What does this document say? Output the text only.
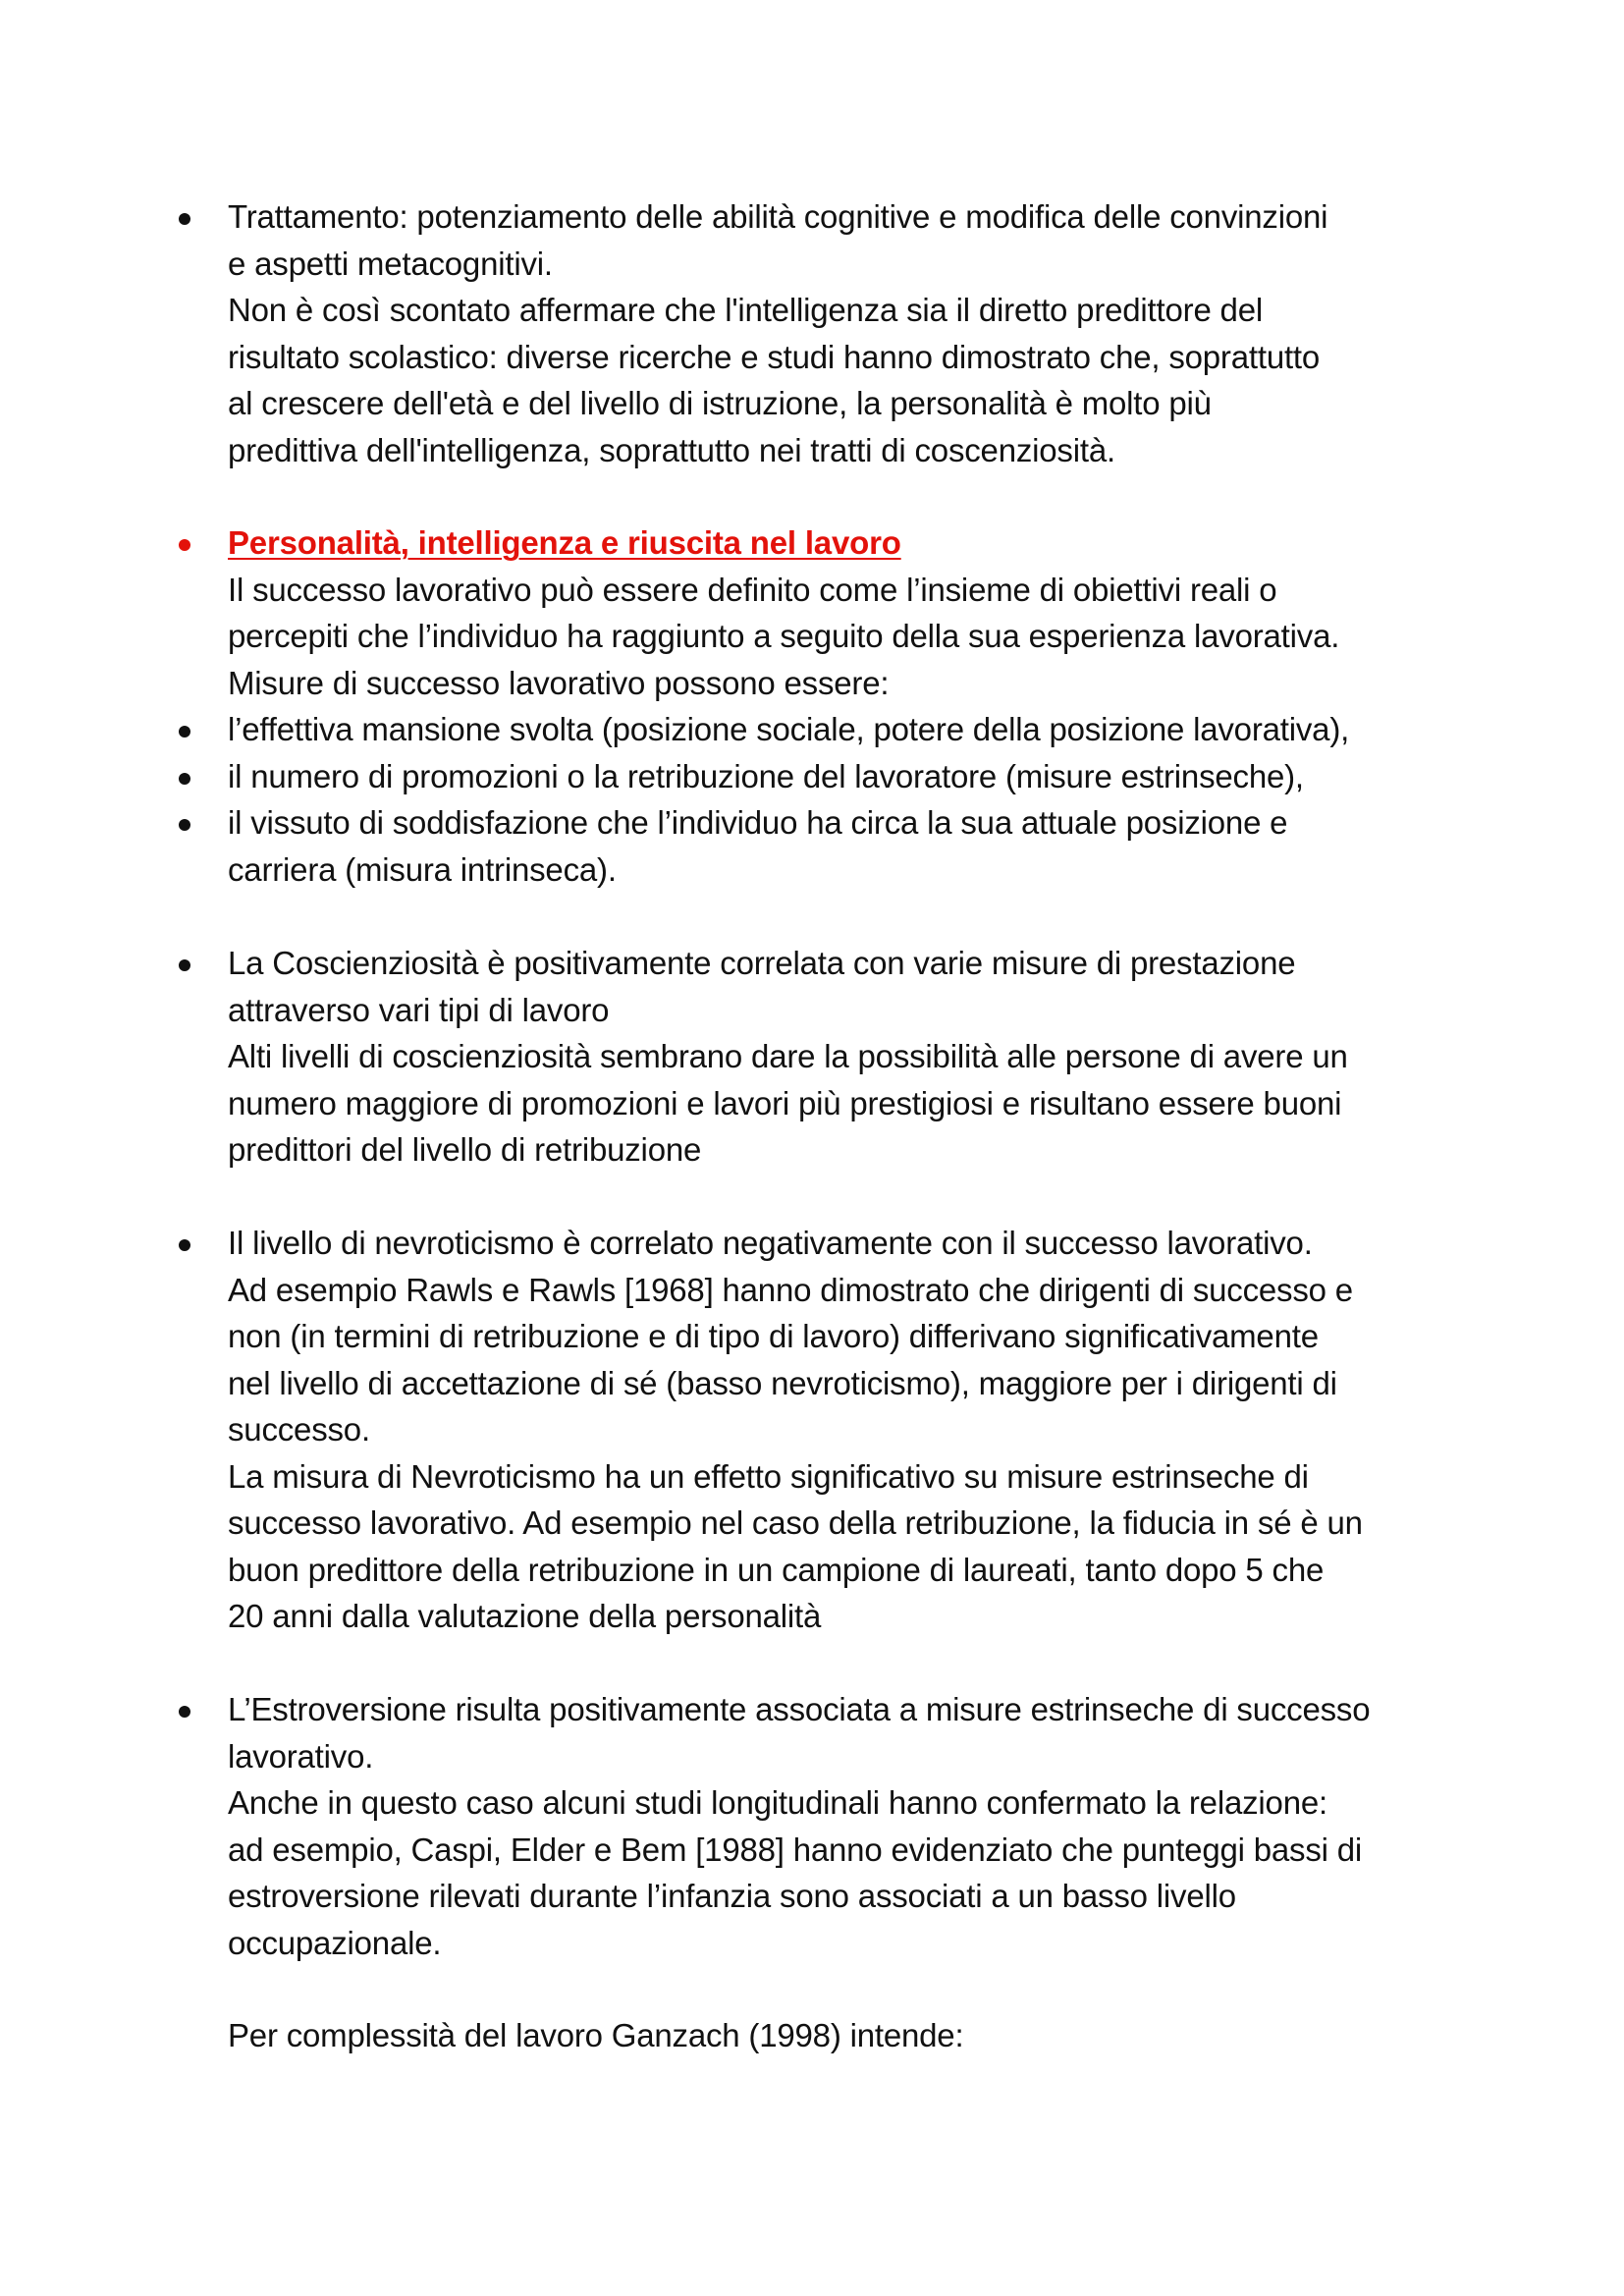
Trattamento: potenziamento delle abilità cognitive e modifica delle convinzioni
e aspetti metacognitivi.
Non è così scontato affermare che l'intelligenza sia il diretto predittore del
risultato scolastico: diverse ricerche e studi hanno dimostrato che, soprattutto
al crescere dell'età e del livello di istruzione, la personalità è molto più
predittiva dell'intelligenza, soprattutto nei tratti di coscenziosità.
Personalità, intelligenza e riuscita nel lavoro
Il successo lavorativo può essere definito come l’insieme di obiettivi reali o
percepiti che l’individuo ha raggiunto a seguito della sua esperienza lavorativa.
Misure di successo lavorativo possono essere:
l’effettiva mansione svolta (posizione sociale, potere della posizione lavorativa),
il numero di promozioni o la retribuzione del lavoratore (misure estrinseche),
il vissuto di soddisfazione che l’individuo ha circa la sua attuale posizione e
carriera (misura intrinseca).
La Coscienziosità è positivamente correlata con varie misure di prestazione
attraverso vari tipi di lavoro
Alti livelli di coscienziosità sembrano dare la possibilità alle persone di avere un
numero maggiore di promozioni e lavori più prestigiosi e risultano essere buoni
predittori del livello di retribuzione
Il livello di nevroticismo è correlato negativamente con il successo lavorativo.
Ad esempio Rawls e Rawls [1968] hanno dimostrato che dirigenti di successo e
non (in termini di retribuzione e di tipo di lavoro) differivano significativamente
nel livello di accettazione di sé (basso nevroticismo), maggiore per i dirigenti di
successo.
La misura di Nevroticismo ha un effetto significativo su misure estrinseche di
successo lavorativo. Ad esempio nel caso della retribuzione, la fiducia in sé è un
buon predittore della retribuzione in un campione di laureati, tanto dopo 5 che
20 anni dalla valutazione della personalità
L’Estroversione risulta positivamente associata a misure estrinseche di successo
lavorativo.
Anche in questo caso alcuni studi longitudinali hanno confermato la relazione:
ad esempio, Caspi, Elder e Bem [1988] hanno evidenziato che punteggi bassi di
estroversione rilevati durante l’infanzia sono associati a un basso livello
occupazionale.
Per complessità del lavoro Ganzach (1998) intende:
